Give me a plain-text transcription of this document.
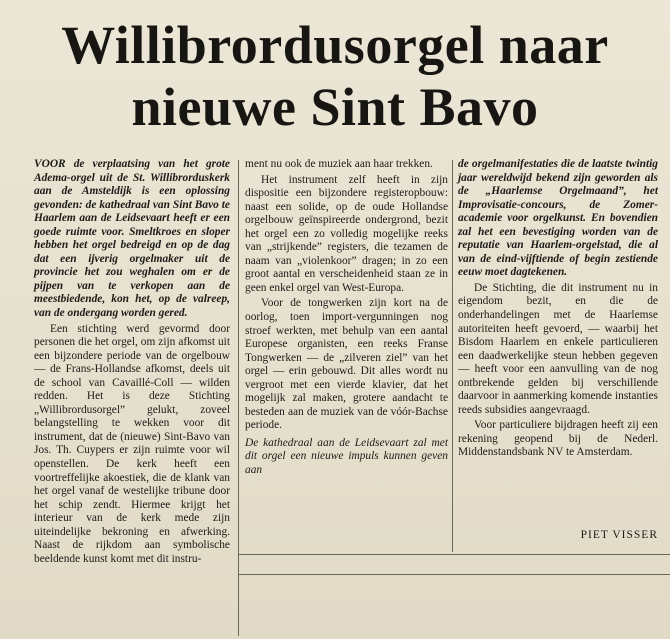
Willibrordusorgel naar
nieuwe Sint Bavo

VOOR de verplaatsing van het grote Adema-orgel uit de St. Willibrorduskerk aan de Amsteldijk is een oplossing gevonden: de kathedraal van Sint Bavo te Haarlem aan de Leidsevaart heeft er een goede ruimte voor. Smeltkroes en sloper hebben het orgel bedreigd en op de dag dat een ijverig orgelmaker uit de provincie het zou weghalen om er de pijpen van te verkopen aan de meestbiedende, kon het, op de valreep, van de ondergang worden gered.

Een stichting werd gevormd door personen die het orgel, om zijn afkomst uit een bijzondere periode van de orgelbouw — de Frans-Hollandse afkomst, deels uit de school van Cavaillé-Coll — wilden redden. Het is deze Stichting „Willibrordusorgel” gelukt, zoveel belangstelling te wekken voor dit instrument, dat de (nieuwe) Sint-Bavo van Jos. Th. Cuypers er zijn ruimte voor wil openstellen. De kerk heeft een voortreffelijke akoestiek, die de klank van het orgel vanaf de westelijke tribune door het schip zendt. Hiermee krijgt het interieur van de kerk mede zijn uiteindelijke bekroning en afwerking. Naast de rijkdom aan symbolische beeldende kunst komt met dit instru-

ment nu ook de muziek aan haar trekken.

Het instrument zelf heeft in zijn dispositie een bijzondere registeropbouw: naast een solide, op de oude Hollandse orgelbouw geïnspireerde ondergrond, bezit het orgel een zo volledig mogelijke reeks van „strijkende” registers, die tezamen de naam van „violenkoor” dragen; in zo een groot aantal en verscheidenheid staan ze in geen enkel orgel van West-Europa.

Voor de tongwerken zijn kort na de oorlog, toen import-vergunningen nog stroef werkten, met behulp van een aantal Europese organisten, een reeks Franse Tongwerken — de „zilveren ziel” van het orgel — erin gebouwd. Dit alles wordt nu vergroot met een vierde klavier, dat het mogelijk zal maken, grotere aandacht te besteden aan de muziek van de vóór-Bachse periode.

De kathedraal aan de Leidsevaart zal met dit orgel een nieuwe impuls kunnen geven aan

de orgelmanifestaties die de laatste twintig jaar wereldwijd bekend zijn geworden als de „Haarlemse Orgelmaand”, het Improvisatie-concours, de Zomer-academie voor orgelkunst. En bovendien zal het een bevestiging worden van de reputatie van Haarlem-orgelstad, die al van de eind-vijftiende of begin zestiende eeuw moet dagtekenen.

De Stichting, die dit instrument nu in eigendom bezit, en die de onderhandelingen met de Haarlemse autoriteiten heeft gevoerd, — waarbij het Bisdom Haarlem en enkele particulieren een daadwerkelijke steun hebben gegeven — heeft voor een aanvulling van de nog ontbrekende gelden bij verschillende daarvoor in aanmerking komende instanties reeds subsidies aangevraagd.

Voor particuliere bijdragen heeft zij een rekening geopend bij de Nederl. Middenstandsbank NV te Amsterdam.

PIET VISSER
